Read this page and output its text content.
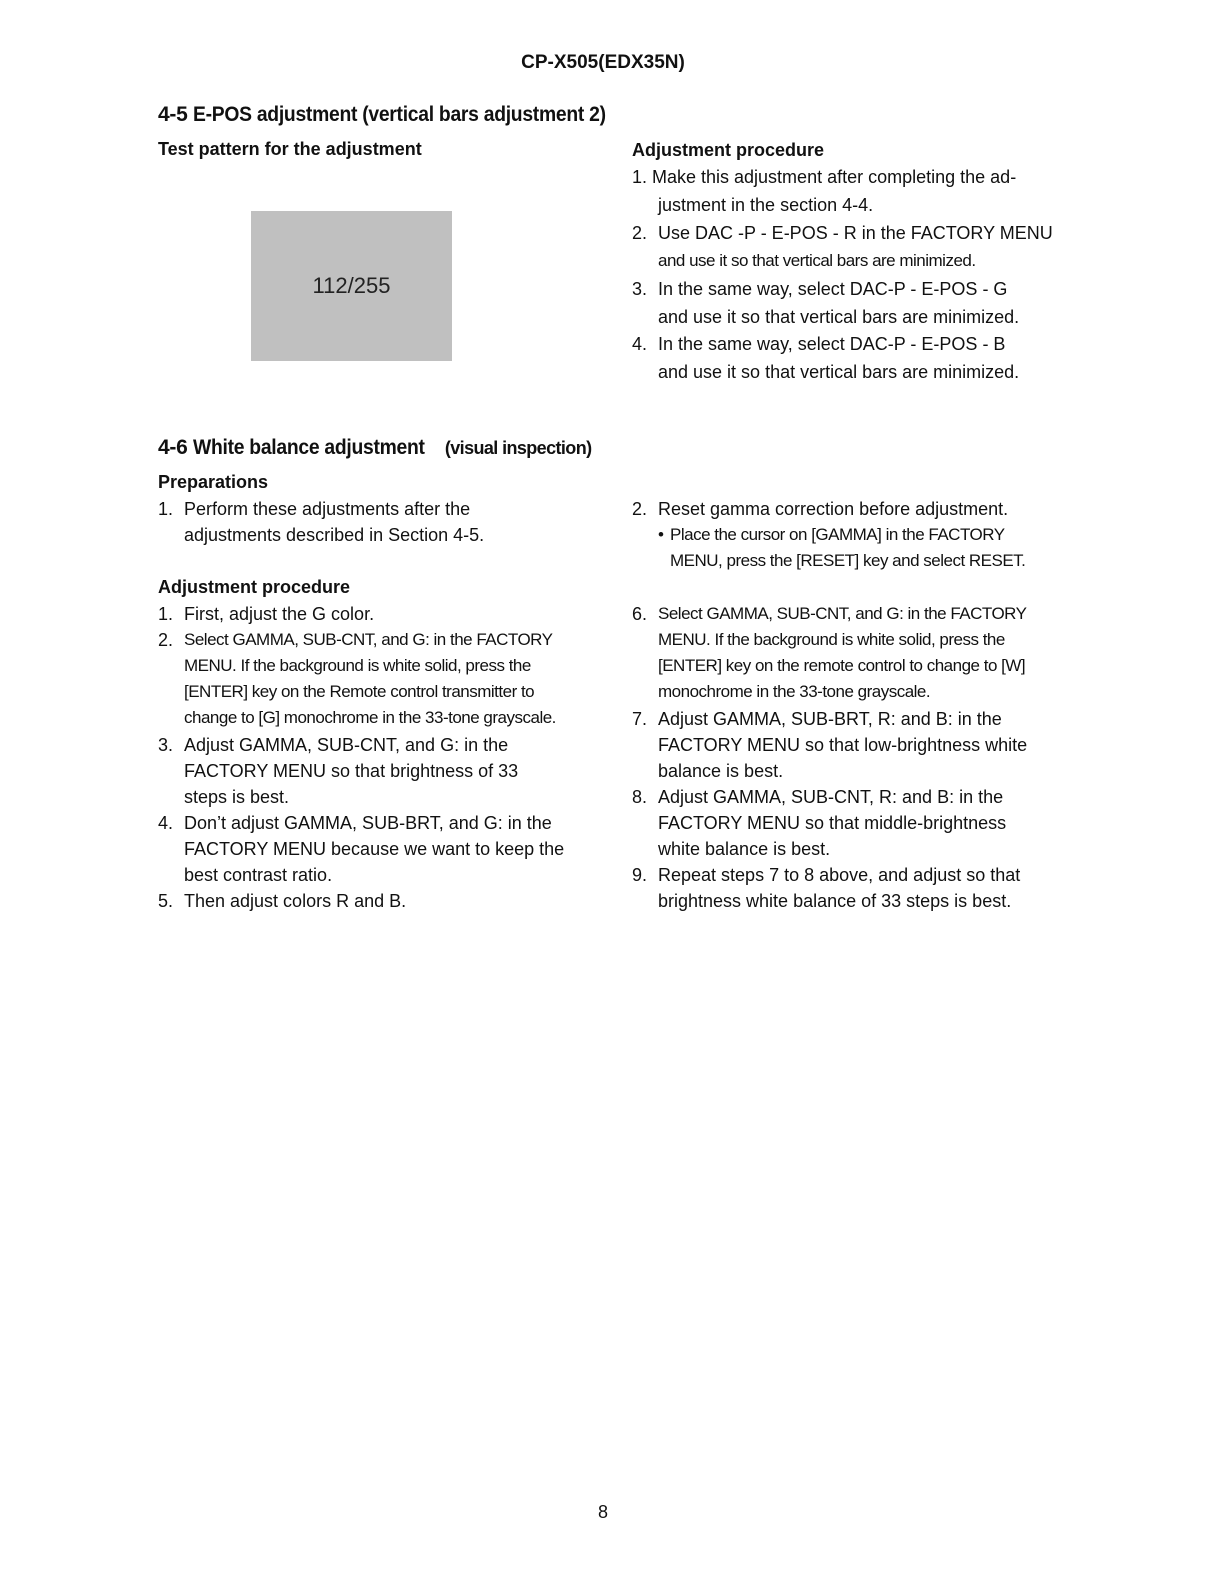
CP-X505(EDX35N)
4-5 E-POS adjustment (vertical bars adjustment 2)
Test pattern for the adjustment
112/255
Adjustment procedure
1. Make this adjustment after completing the ad-
justment in the section 4-4.
2. Use DAC -P - E-POS - R in the FACTORY MENU
and use it so that vertical bars are minimized.
3. In the same way, select DAC-P - E-POS - G
and use it so that vertical bars are minimized.
4. In the same way, select DAC-P - E-POS - B
and use it so that vertical bars are minimized.
4-6 White balance adjustment (visual inspection)
Preparations
1. Perform these adjustments after the
adjustments described in Section 4-5.
2. Reset gamma correction before adjustment.
• Place the cursor on [GAMMA] in the FACTORY
MENU, press the [RESET] key and select RESET.
Adjustment procedure
1. First, adjust the G color.
2. Select GAMMA, SUB-CNT, and G: in the FACTORY
MENU. If the background is white solid, press the
[ENTER] key on the Remote control transmitter to
change to [G] monochrome in the 33-tone grayscale.
3. Adjust GAMMA, SUB-CNT, and G: in the
FACTORY MENU so that brightness of 33
steps is best.
4. Don’t adjust GAMMA, SUB-BRT, and G: in the
FACTORY MENU because we want to keep the
best contrast ratio.
5. Then adjust colors R and B.
6. Select GAMMA, SUB-CNT, and G: in the FACTORY
MENU. If the background is white solid, press the
[ENTER] key on the remote control to change to [W]
monochrome in the 33-tone grayscale.
7. Adjust GAMMA, SUB-BRT, R: and B: in the
FACTORY MENU so that low-brightness white
balance is best.
8. Adjust GAMMA, SUB-CNT, R: and B: in the
FACTORY MENU so that middle-brightness
white balance is best.
9. Repeat steps 7 to 8 above, and adjust so that
brightness white balance of 33 steps is best.
8
